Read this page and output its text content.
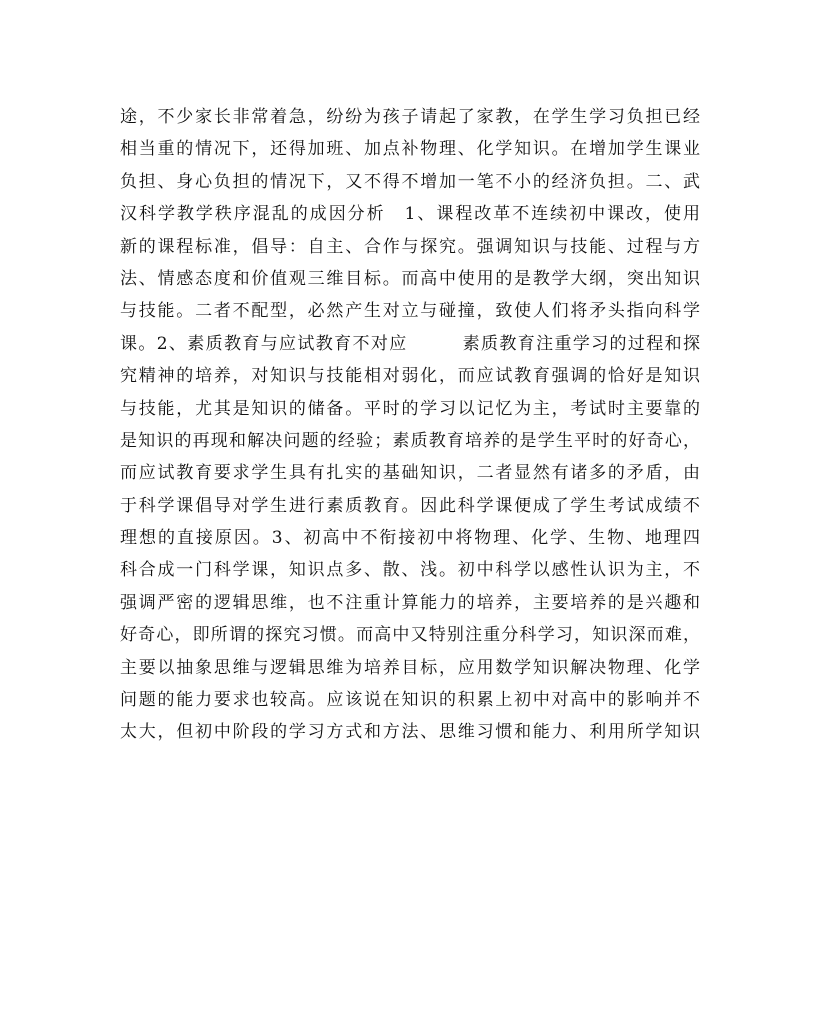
途，不少家长非常着急，纷纷为孩子请起了家教，在学生学习负担已经
相当重的情况下，还得加班、加点补物理、化学知识。在增加学生课业
负担、身心负担的情况下，又不得不增加一笔不小的经济负担。二、武
汉科学教学秩序混乱的成因分析　1、课程改革不连续初中课改，使用
新的课程标准，倡导：自主、合作与探究。强调知识与技能、过程与方
法、情感态度和价值观三维目标。而高中使用的是教学大纲，突出知识
与技能。二者不配型，必然产生对立与碰撞，致使人们将矛头指向科学
课。2、素质教育与应试教育不对应　　　素质教育注重学习的过程和探
究精神的培养，对知识与技能相对弱化，而应试教育强调的恰好是知识
与技能，尤其是知识的储备。平时的学习以记忆为主，考试时主要靠的
是知识的再现和解决问题的经验；素质教育培养的是学生平时的好奇心，
而应试教育要求学生具有扎实的基础知识，二者显然有诸多的矛盾，由
于科学课倡导对学生进行素质教育。因此科学课便成了学生考试成绩不
理想的直接原因。3、初高中不衔接初中将物理、化学、生物、地理四
科合成一门科学课，知识点多、散、浅。初中科学以感性认识为主，不
强调严密的逻辑思维，也不注重计算能力的培养，主要培养的是兴趣和
好奇心，即所谓的探究习惯。而高中又特别注重分科学习，知识深而难，
主要以抽象思维与逻辑思维为培养目标，应用数学知识解决物理、化学
问题的能力要求也较高。应该说在知识的积累上初中对高中的影响并不
太大，但初中阶段的学习方式和方法、思维习惯和能力、利用所学知识
